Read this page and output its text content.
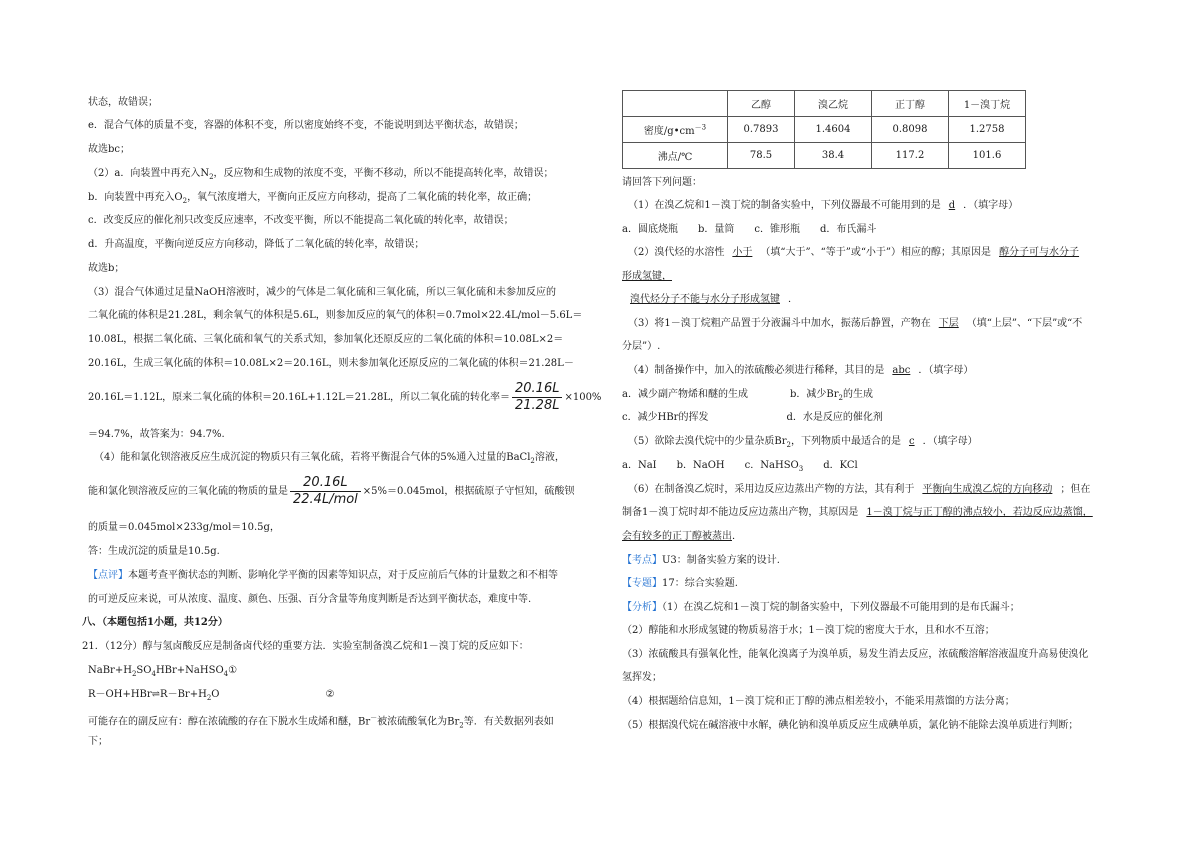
状态，故错误；
e．混合气体的质量不变，容器的体积不变，所以密度始终不变，不能说明到达平衡状态，故错误；
故选bc；
（2）a．向装置中再充入$N_2$，反应物和生成物的浓度不变，平衡不移动，所以不能提高转化率，故错误；
b．向装置中再充入$O_2$，氧气浓度增大，平衡向正反应方向移动，提高了二氧化硫的转化率，故正确；
c．改变反应的催化剂只改变反应速率，不改变平衡，所以不能提高二氧化硫的转化率，故错误；
d．升高温度，平衡向逆反应方向移动，降低了二氧化硫的转化率，故错误；
故选b；
（3）混合气体通过足量NaOH溶液时，减少的气体是二氧化硫和三氧化硫，所以三氧化硫和未参加反应的
二氧化硫的体积是21.28L，剩余氧气的体积是5.6L，则参加反应的氧气的体积＝0.7mol×22.4L/mol－5.6L＝
10.08L，根据二氧化硫、三氧化硫和氧气的关系式知，参加氧化还原反应的二氧化硫的体积＝10.08L×2＝
20.16L，生成三氧化硫的体积＝10.08L×2＝20.16L，则未参加氧化还原反应的二氧化硫的体积＝21.28L－
20.16L＝1.12L，原来二氧化硫的体积＝20.16L+1.12L＝21.28L，所以二氧化硫的转化率＝ $\frac{20.16L}{21.28L} \times 100\%$
＝94.7%，故答案为：94.7%.
（4）能和氯化钡溶液反应生成沉淀的物质只有三氧化硫，若将平衡混合气体的5%通入过量的BaCl$_2$溶液，
能和氯化钡溶液反应的三氧化硫的物质的量是 $\frac{20.16L}{\text{22.4L/mol}} \times 5\%=0.045mol$，根据硫原子守恒知，硫酸钡
的质量＝0.045mol×233g/mol＝10.5g，
答：生成沉淀的质量是10.5g.
【点评】本题考查平衡状态的判断、影响化学平衡的因素等知识点，对于反应前后气体的计量数之和不相等
的可逆反应来说，可从浓度、温度、颜色、压强、百分含量等角度判断是否达到平衡状态，难度中等.
八、（本题包括1小题，共12分）
21．（12分）醇与氢卤酸反应是制备卤代烃的重要方法．实验室制备溴乙烷和1－溴丁烷的反应如下：
$NaBr+H_2SO_4HBr+NaHSO_4①$
$R-OH+HBr\rightleftharpoons R-Br+H_2O$	②
可能存在的副反应有：醇在浓硫酸的存在下脱水生成烯和醚，Br－被浓硫酸氧化为$Br_2$等．有关数据列表如
下；
	乙醇	溴乙烷	正丁醇	1－溴丁烷
密度$/g•cm^{-3}$	0.7893	1.4604	0.8098	1.2758
沸点/℃	78.5	38.4	117.2	101.6
请回答下列问题：
（1）在溴乙烷和1－溴丁烷的制备实验中，下列仪器最不可能用到的是 d ．（填字母）
a．圆底烧瓶　　b．量筒　　c．锥形瓶　　d．布氏漏斗
（2）溴代烃的水溶性 小于 （填“大于”、“等于”或“小于”）相应的醇；其原因是 醇分子可与水分子
形成氢键，
溴代烃分子不能与水分子形成氢键 ．
（3）将1－溴丁烷粗产品置于分液漏斗中加水，振荡后静置，产物在 下层 （填“上层”、“下层”或“不
分层”）.
（4）制备操作中，加入的浓硫酸必须进行稀释，其目的是 abc ．（填字母）
a．减少副产物烯和醚的生成	b．减少$Br_2$的生成
c．减少HBr的挥发	d．水是反应的催化剂
（5）欲除去溴代烷中的少量杂质$Br_2$，下列物质中最适合的是 c ．（填字母）
a．NaI　　b．NaOH　　c．NaHSO$_3$　　d．KCl
（6）在制备溴乙烷时，采用边反应边蒸出产物的方法，其有利于 平衡向生成溴乙烷的方向移动 ；但在
制备1－溴丁烷时却不能边反应边蒸出产物，其原因是 1－溴丁烷与正丁醇的沸点较小，若边反应边蒸馏，
会有较多的正丁醇被蒸出．
【考点】U3：制备实验方案的设计.
【专题】17：综合实验题.
【分析】（1）在溴乙烷和1－溴丁烷的制备实验中，下列仪器最不可能用到的是布氏漏斗；
（2）醇能和水形成氢键的物质易溶于水；1－溴丁烷的密度大于水，且和水不互溶；
（3）浓硫酸具有强氧化性，能氧化溴离子为溴单质，易发生消去反应，浓硫酸溶解溶液温度升高易使溴化
氢挥发；
（4）根据题给信息知，1－溴丁烷和正丁醇的沸点相差较小，不能采用蒸馏的方法分离；
（5）根据溴代烷在碱溶液中水解，碘化钠和溴单质反应生成碘单质，氯化钠不能除去溴单质进行判断；
